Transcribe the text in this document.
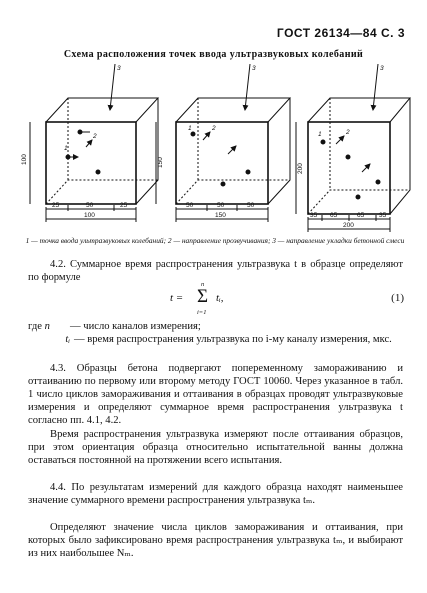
ГОСТ 26134—84 С. 3
Схема расположения точек ввода ультразвуковых колебаний
100
25	50	25
100
3
2
1
150
50	50	50
150
3
2
1
200
35 65	65 35
200
3
2
1
1 — точка ввода ультразвуковых колебаний; 2 — направление прозвучивания; 3 — направление укладки бетонной смеси
4.2. Суммарное время распространения ультразвука t в образце определяют по формуле
t =
n
Σ
i=1
tᵢ,	(1)
где n	— число каналов измерения;
tᵢ — время распространения ультразвука по i-му каналу измерения, мкс.
4.3. Образцы бетона подвергают попеременному замораживанию и оттаиванию по первому или второму методу ГОСТ 10060. Через указанное в табл. 1 число циклов замораживания и оттаивания в образцах проводят ультразвуковые измерения и определяют суммарное время распространения ультразвука t согласно пп. 4.1, 4.2.
Время распространения ультразвука измеряют после оттаивания образцов, при этом ориентация образца относительно испытательной ванны должна оставаться постоянной на протяжении всего испытания.
4.4. По результатам измерений для каждого образца находят наименьшее значение суммарного времени распространения ультразвука tₘ.
Определяют значение числа циклов замораживания и оттаивания, при которых было зафиксировано время распространения ультразвука tₘ, и выбирают из них наибольшее Nₘ.
